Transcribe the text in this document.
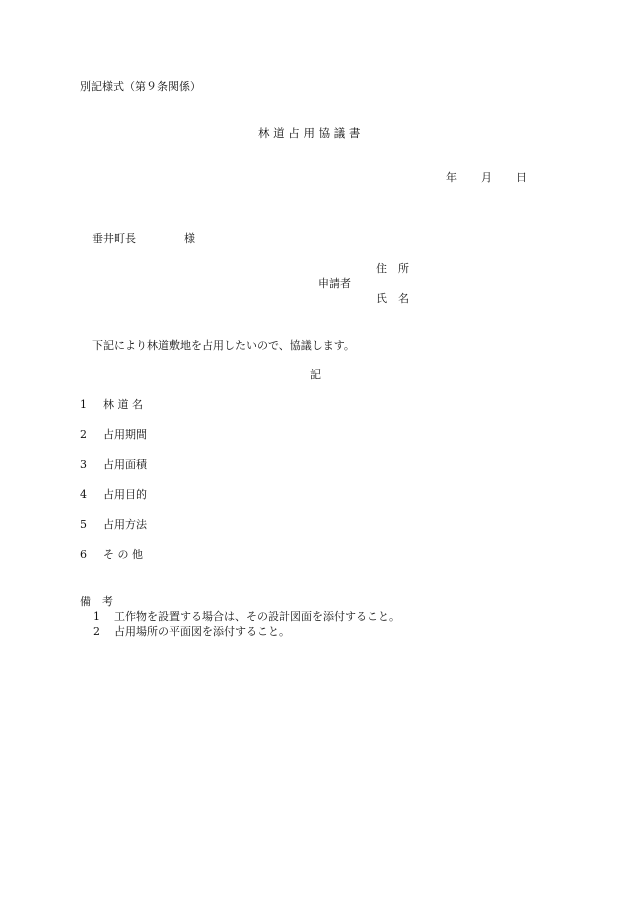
別記様式（第９条関係）
林 道 占 用 協 議 書
年 月 日
垂井町長	様
申請者
住　所
氏　名
下記により林道敷地を占用したいので、協議します。
記
1 林 道 名
2 占用期間
3 占用面積
4 占用目的
5 占用方法
6 そ の 他
備　考
1 工作物を設置する場合は、その設計図面を添付すること。
2 占用場所の平面図を添付すること。
